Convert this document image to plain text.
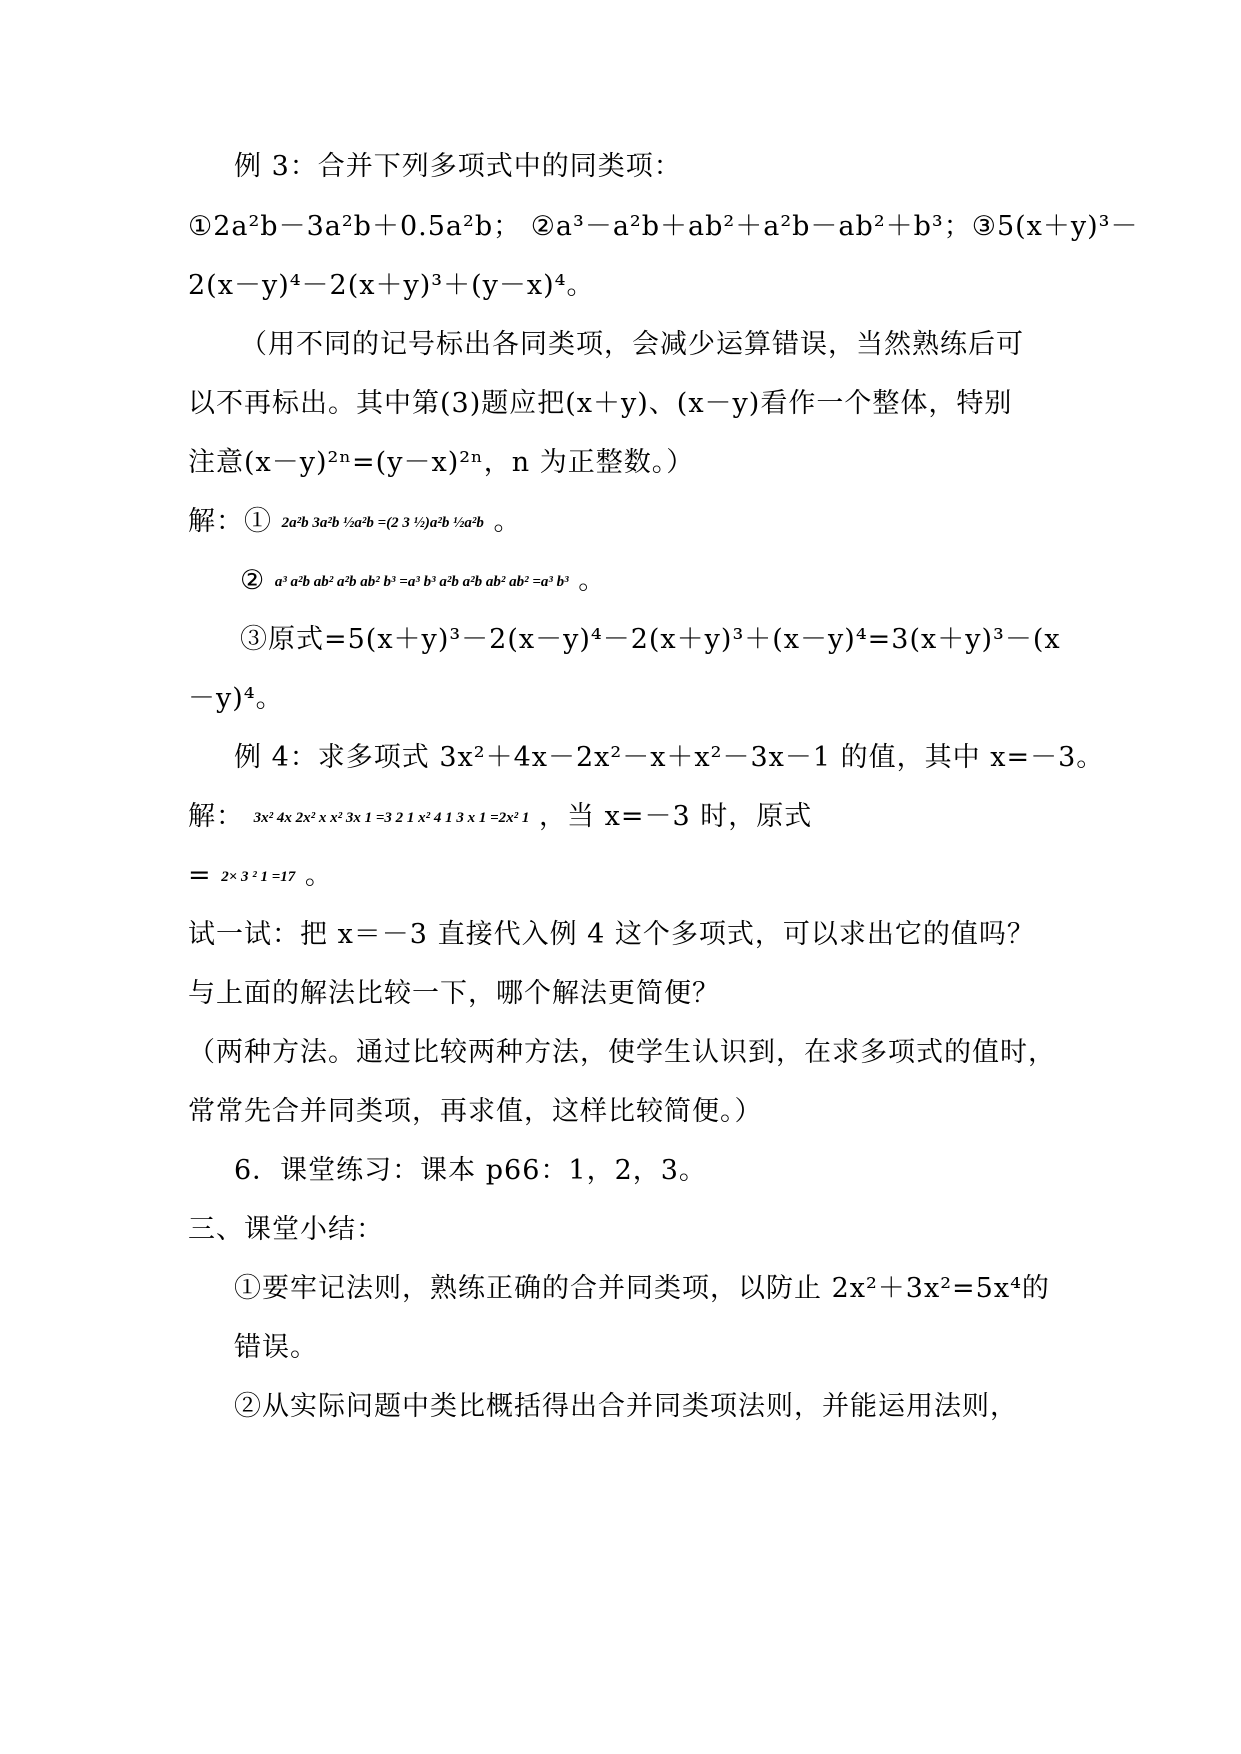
例 3：合并下列多项式中的同类项：
①2a²b－3a²b＋0.5a²b； ②a³－a²b＋ab²＋a²b－ab²＋b³；③5(x＋y)³－
2(x－y)⁴－2(x＋y)³＋(y－x)⁴。
（用不同的记号标出各同类项，会减少运算错误，当然熟练后可
以不再标出。其中第(3)题应把(x＋y)、(x－y)看作一个整体，特别
注意(x－y)²ⁿ=(y－x)²ⁿ，n 为正整数。）
解：① 2a²b 3a²b ½a²b =(2 3 ½)a²b ½a²b 。
② a³ a²b ab² a²b ab² b³ =a³ b³ a²b a²b ab² ab² =a³ b³ 。
③原式=5(x＋y)³－2(x－y)⁴－2(x＋y)³＋(x－y)⁴=3(x＋y)³－(x
－y)⁴。
例 4：求多项式 3x²＋4x－2x²－x＋x²－3x－1 的值，其中 x=－3。
解： 3x² 4x 2x² x x² 3x 1 =3 2 1 x² 4 1 3 x 1 =2x² 1 ，当 x=－3 时，原式
= 2× 3 ² 1 =17 。
试一试：把 x＝－3 直接代入例 4 这个多项式，可以求出它的值吗？
与上面的解法比较一下，哪个解法更简便？
（两种方法。通过比较两种方法，使学生认识到，在求多项式的值时，
常常先合并同类项，再求值，这样比较简便。）
6．课堂练习：课本 p66：1，2，3。
三、课堂小结：
①要牢记法则，熟练正确的合并同类项，以防止 2x²＋3x²=5x⁴的
错误。
②从实际问题中类比概括得出合并同类项法则，并能运用法则，
